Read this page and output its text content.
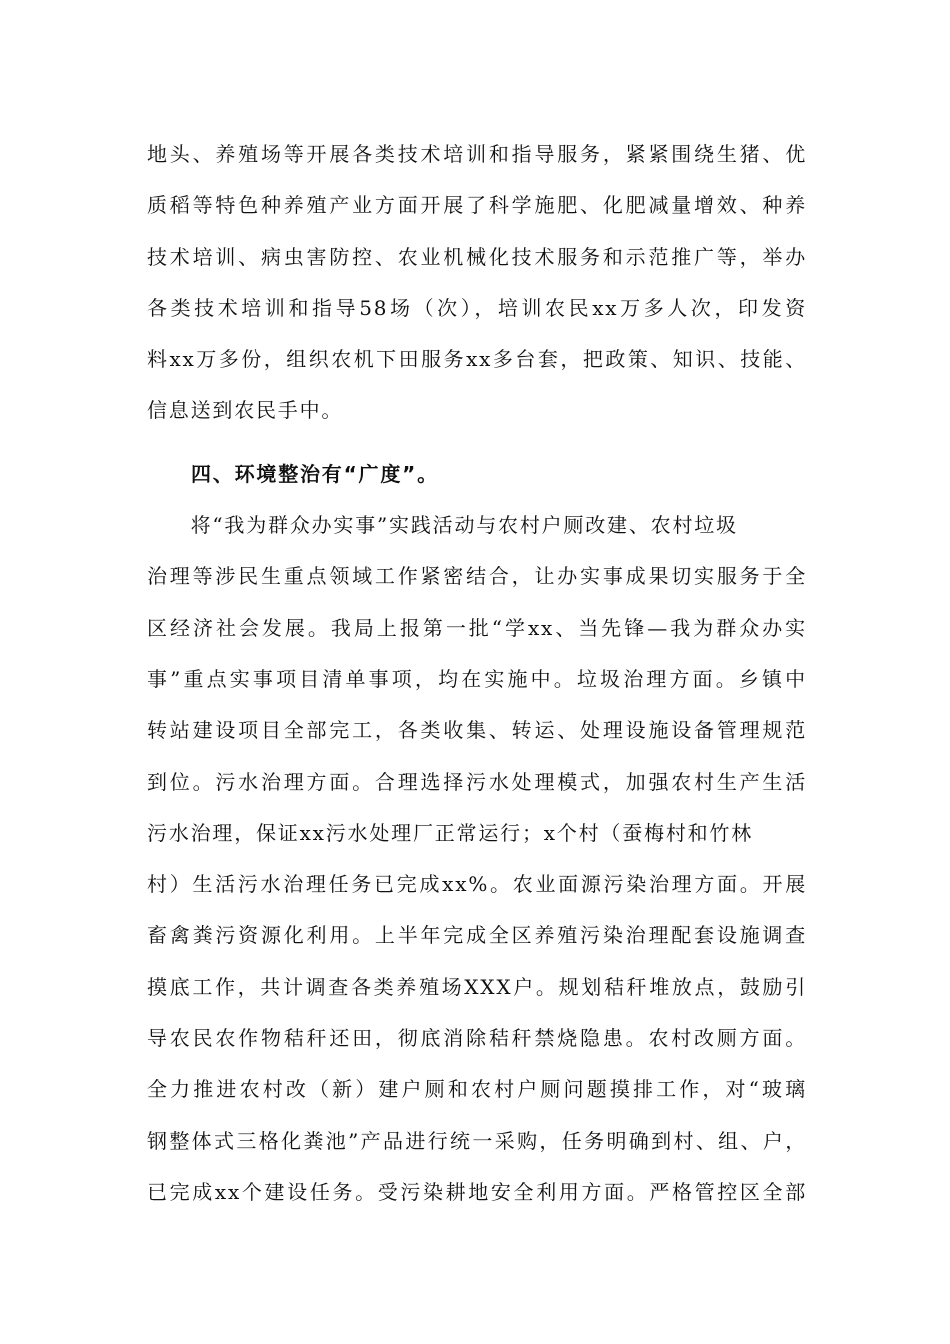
地头、养殖场等开展各类技术培训和指导服务，紧紧围绕生猪、优
质稻等特色种养殖产业方面开展了科学施肥、化肥减量增效、种养
技术培训、病虫害防控、农业机械化技术服务和示范推广等，举办
各类技术培训和指导58场（次），培训农民xx万多人次，印发资
料xx万多份，组织农机下田服务xx多台套，把政策、知识、技能、
信息送到农民手中。
四、环境整治有“广度”。
　　将“我为群众办实事”实践活动与农村户厕改建、农村垃圾
治理等涉民生重点领域工作紧密结合，让办实事成果切实服务于全
区经济社会发展。我局上报第一批“学xx、当先锋—我为群众办实
事”重点实事项目清单事项，均在实施中。垃圾治理方面。乡镇中
转站建设项目全部完工，各类收集、转运、处理设施设备管理规范
到位。污水治理方面。合理选择污水处理模式，加强农村生产生活
污水治理，保证xx污水处理厂正常运行；x个村（蚕梅村和竹林
村）生活污水治理任务已完成xx%。农业面源污染治理方面。开展
畜禽粪污资源化利用。上半年完成全区养殖污染治理配套设施调查
摸底工作，共计调查各类养殖场XXX户。规划秸秆堆放点，鼓励引
导农民农作物秸秆还田，彻底消除秸秆禁烧隐患。农村改厕方面。
全力推进农村改（新）建户厕和农村户厕问题摸排工作，对“玻璃
钢整体式三格化粪池”产品进行统一采购，任务明确到村、组、户，
已完成xx个建设任务。受污染耕地安全利用方面。严格管控区全部
